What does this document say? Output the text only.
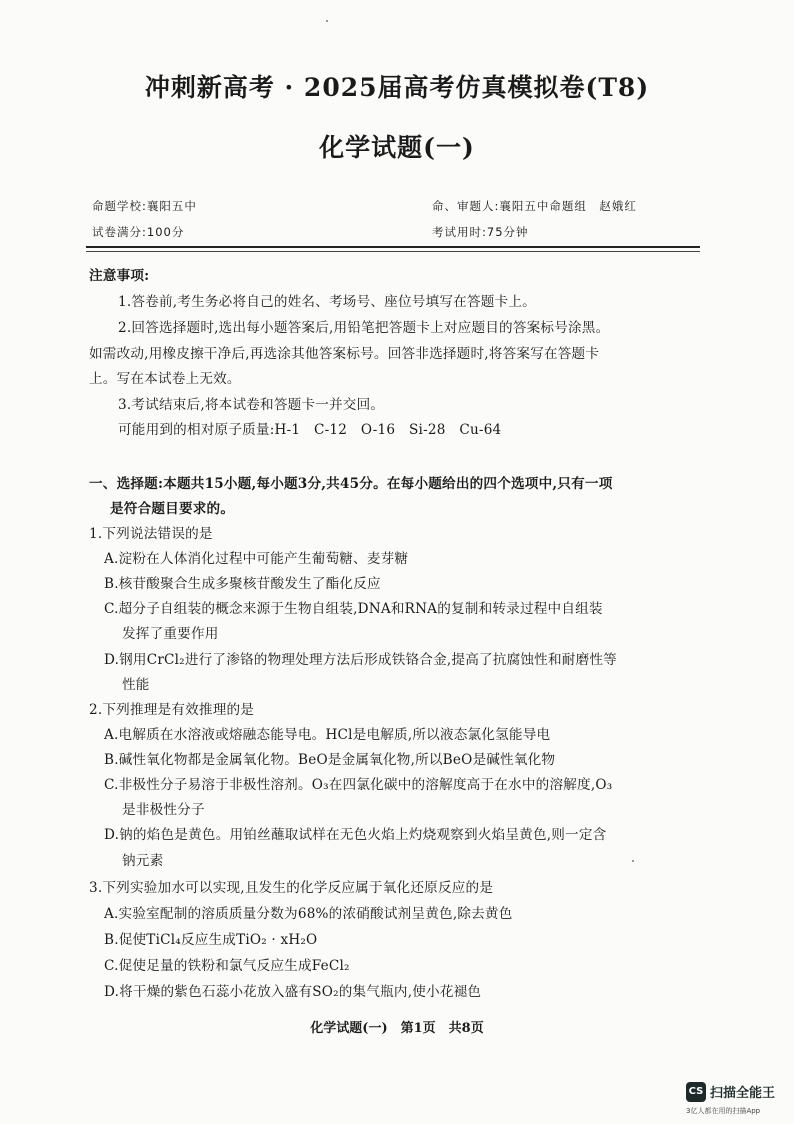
冲刺新高考 · 2025届高考仿真模拟卷(T8)
化学试题(一)
命题学校:襄阳五中	命、审题人:襄阳五中命题组　赵娥红
试卷满分:100分	考试用时:75分钟
注意事项:
1.答卷前,考生务必将自己的姓名、考场号、座位号填写在答题卡上。
2.回答选择题时,选出每小题答案后,用铅笔把答题卡上对应题目的答案标号涂黑。
如需改动,用橡皮擦干净后,再选涂其他答案标号。回答非选择题时,将答案写在答题卡
上。写在本试卷上无效。
3.考试结束后,将本试卷和答题卡一并交回。
可能用到的相对原子质量:H-1　C-12　O-16　Si-28　Cu-64
一、选择题:本题共15小题,每小题3分,共45分。在每小题给出的四个选项中,只有一项
是符合题目要求的。
1.下列说法错误的是
A.淀粉在人体消化过程中可能产生葡萄糖、麦芽糖
B.核苷酸聚合生成多聚核苷酸发生了酯化反应
C.超分子自组装的概念来源于生物自组装,DNA和RNA的复制和转录过程中自组装
发挥了重要作用
D.钢用CrCl₂进行了渗铬的物理处理方法后形成铁铬合金,提高了抗腐蚀性和耐磨性等
性能
2.下列推理是有效推理的是
A.电解质在水溶液或熔融态能导电。HCl是电解质,所以液态氯化氢能导电
B.碱性氧化物都是金属氧化物。BeO是金属氧化物,所以BeO是碱性氧化物
C.非极性分子易溶于非极性溶剂。O₃在四氯化碳中的溶解度高于在水中的溶解度,O₃
是非极性分子
D.钠的焰色是黄色。用铂丝蘸取试样在无色火焰上灼烧观察到火焰呈黄色,则一定含
钠元素
3.下列实验加水可以实现,且发生的化学反应属于氧化还原反应的是
A.实验室配制的溶质质量分数为68%的浓硝酸试剂呈黄色,除去黄色
B.促使TiCl₄反应生成TiO₂ · xH₂O
C.促使足量的铁粉和氯气反应生成FeCl₂
D.将干燥的紫色石蕊小花放入盛有SO₂的集气瓶内,使小花褪色
化学试题(一)　第1页　共8页
CS 扫描全能王
3亿人都在用的扫描App
